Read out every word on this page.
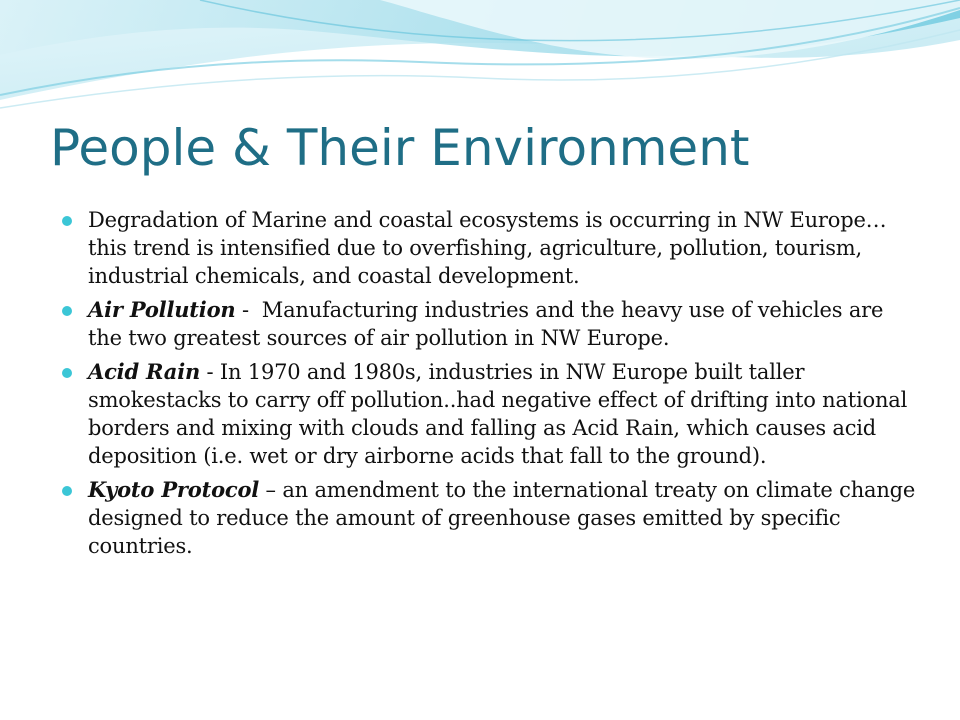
People & Their Environment
Degradation of Marine and coastal ecosystems is occurring in NW Europe…this trend is intensified due to overfishing, agriculture, pollution, tourism, industrial chemicals, and coastal development.
Air Pollution -  Manufacturing industries and the heavy use of vehicles are the two greatest sources of air pollution in NW Europe.
Acid Rain - In 1970 and 1980s, industries in NW Europe built taller smokestacks to carry off pollution..had negative effect of drifting into national borders and mixing with clouds and falling as Acid Rain, which causes acid deposition (i.e. wet or dry airborne acids that fall to the ground).
Kyoto Protocol – an amendment to the international treaty on climate change designed to reduce the amount of greenhouse gases emitted by specific countries.
